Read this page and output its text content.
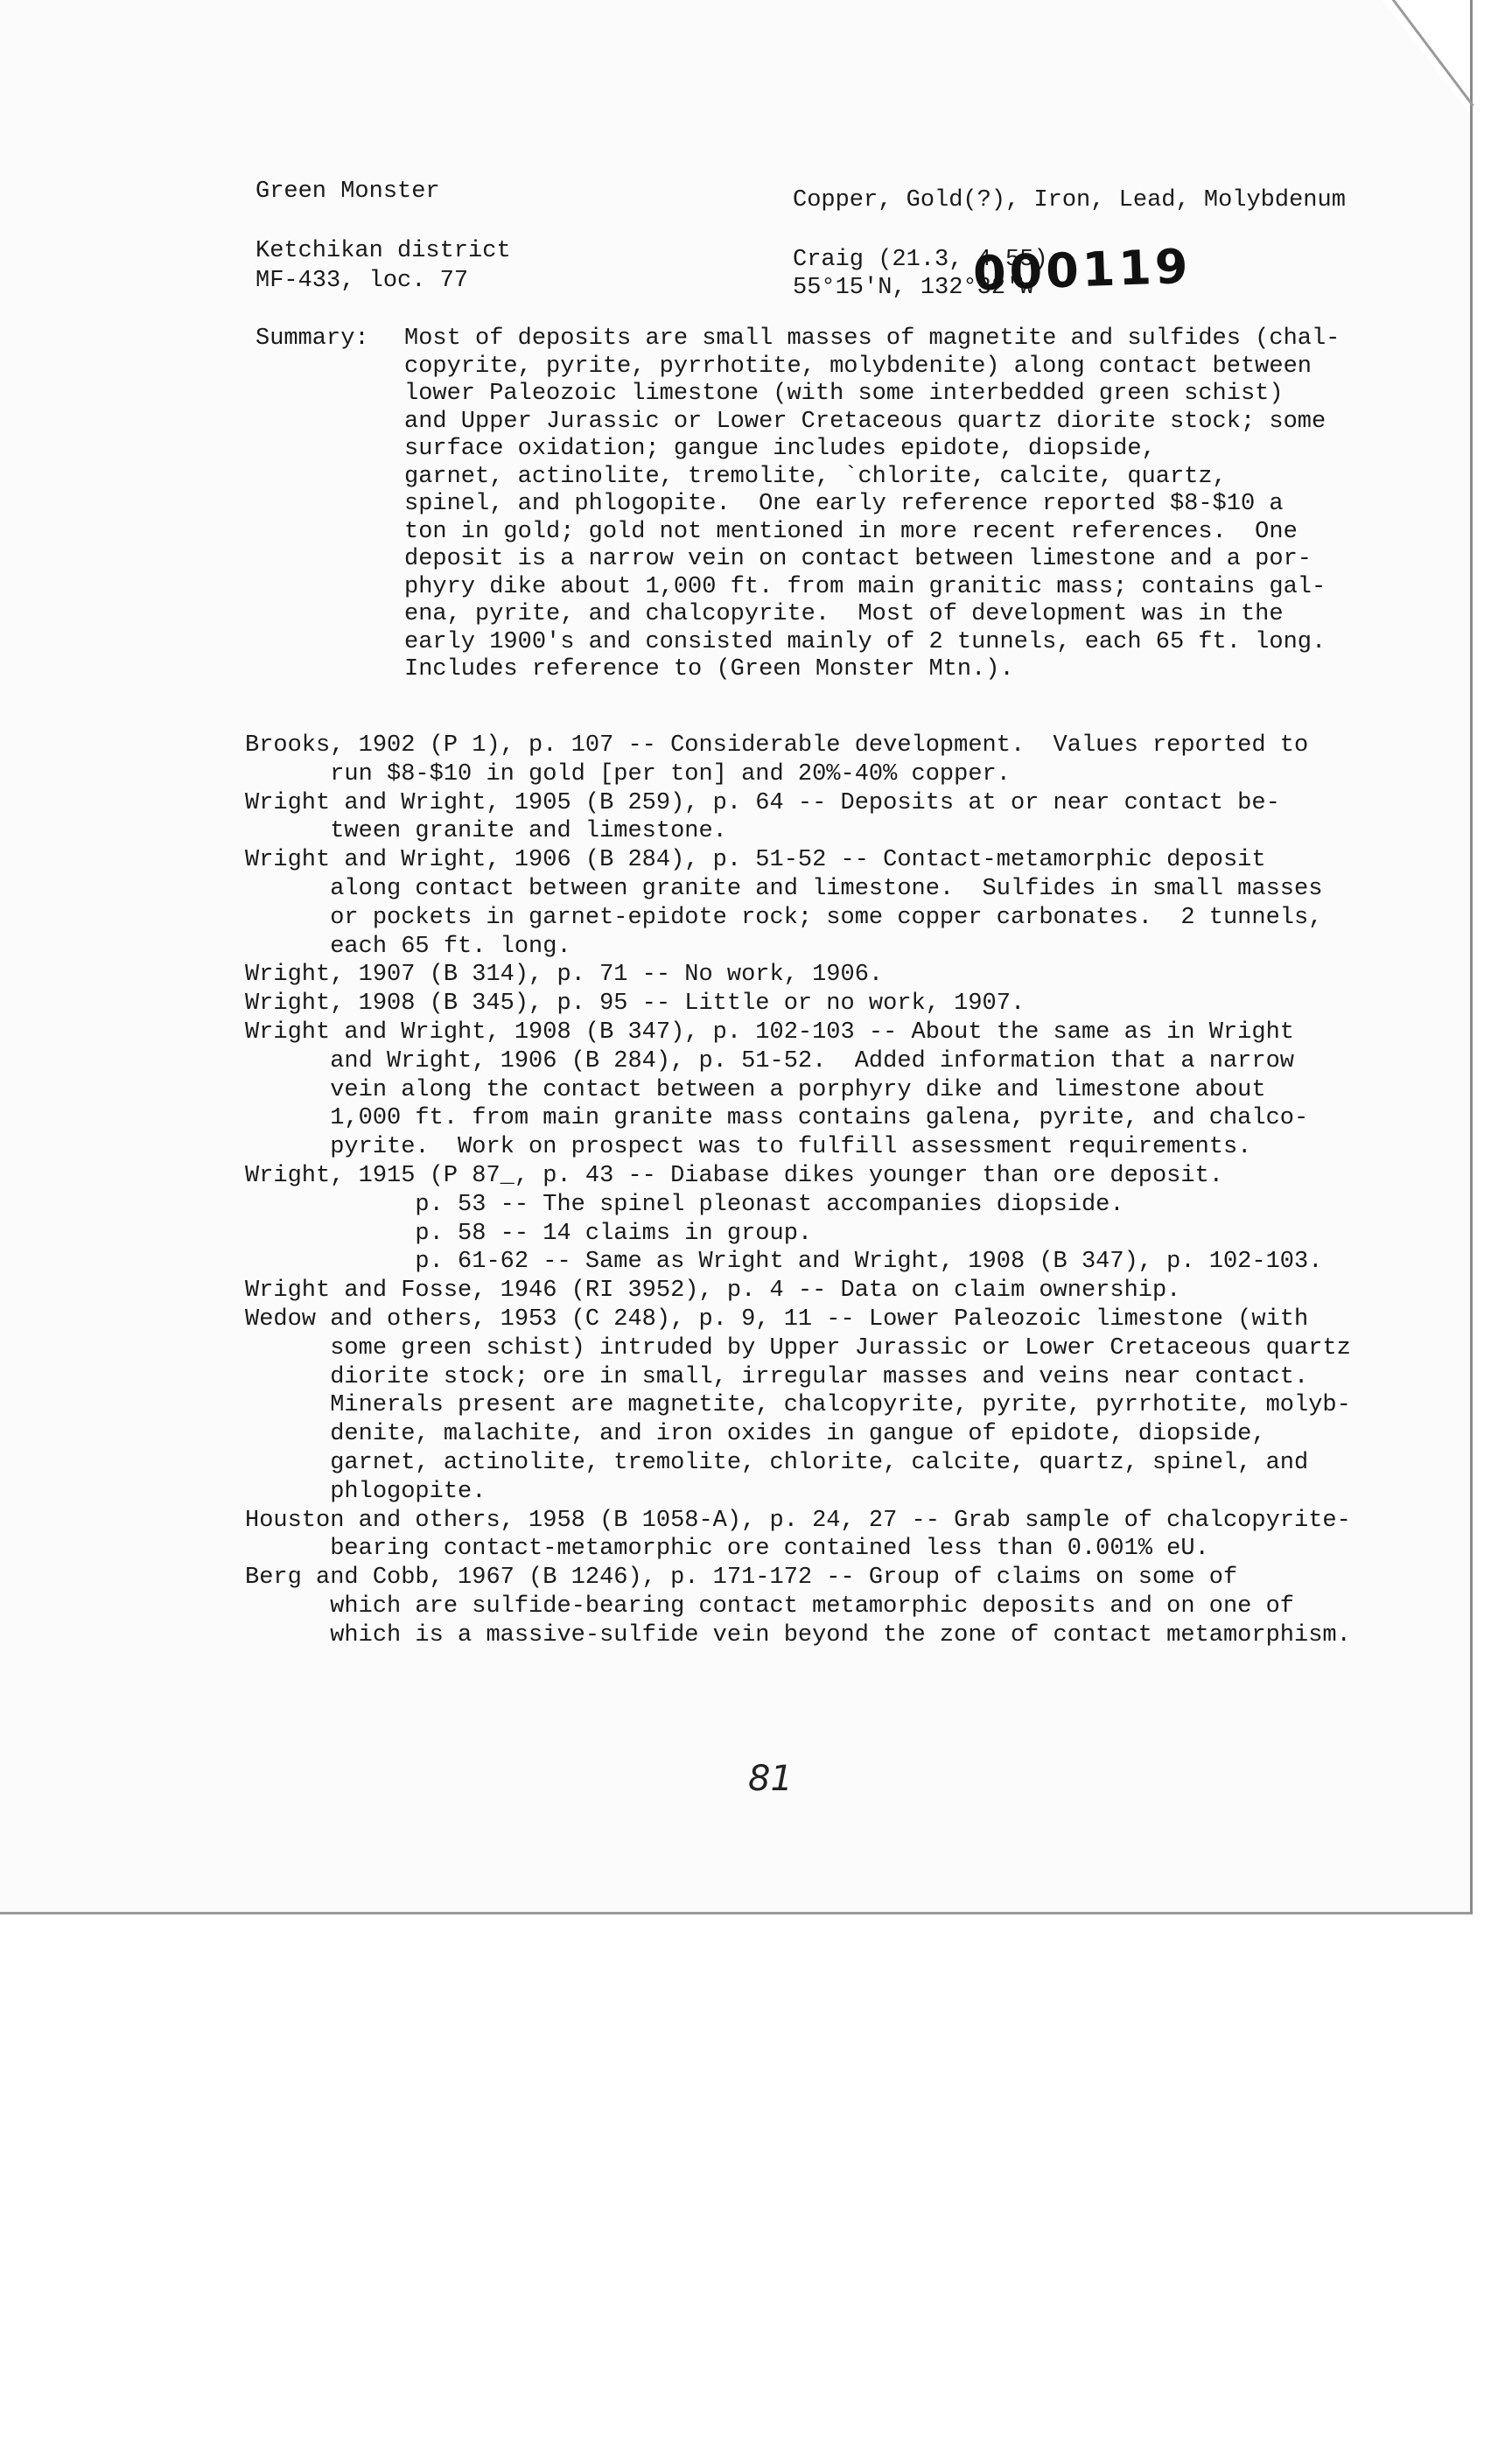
Green Monster	Copper, Gold(?), Iron, Lead, Molybdenum
Ketchikan district
MF-433, loc. 77
Craig (21.3, 4.55)
55°15'N, 132°32'W
000119
Summary: Most of deposits are small masses of magnetite and sulfides (chal-
copyrite, pyrite, pyrrhotite, molybdenite) along contact between
lower Paleozoic limestone (with some interbedded green schist)
and Upper Jurassic or Lower Cretaceous quartz diorite stock; some
surface oxidation; gangue includes epidote, diopside,
garnet, actinolite, tremolite, `chlorite, calcite, quartz,
spinel, and phlogopite.  One early reference reported $8-$10 a
ton in gold; gold not mentioned in more recent references.  One
deposit is a narrow vein on contact between limestone and a por-
phyry dike about 1,000 ft. from main granitic mass; contains gal-
ena, pyrite, and chalcopyrite.  Most of development was in the
early 1900's and consisted mainly of 2 tunnels, each 65 ft. long.
Includes reference to (Green Monster Mtn.).
Brooks, 1902 (P 1), p. 107 -- Considerable development.  Values reported to
run $8-$10 in gold [per ton] and 20%-40% copper.
Wright and Wright, 1905 (B 259), p. 64 -- Deposits at or near contact be-
tween granite and limestone.
Wright and Wright, 1906 (B 284), p. 51-52 -- Contact-metamorphic deposit
along contact between granite and limestone.  Sulfides in small masses
or pockets in garnet-epidote rock; some copper carbonates.  2 tunnels,
each 65 ft. long.
Wright, 1907 (B 314), p. 71 -- No work, 1906.
Wright, 1908 (B 345), p. 95 -- Little or no work, 1907.
Wright and Wright, 1908 (B 347), p. 102-103 -- About the same as in Wright
and Wright, 1906 (B 284), p. 51-52.  Added information that a narrow
vein along the contact between a porphyry dike and limestone about
1,000 ft. from main granite mass contains galena, pyrite, and chalco-
pyrite.  Work on prospect was to fulfill assessment requirements.
Wright, 1915 (P 87_, p. 43 -- Diabase dikes younger than ore deposit.
p. 53 -- The spinel pleonast accompanies diopside.
p. 58 -- 14 claims in group.
p. 61-62 -- Same as Wright and Wright, 1908 (B 347), p. 102-103.
Wright and Fosse, 1946 (RI 3952), p. 4 -- Data on claim ownership.
Wedow and others, 1953 (C 248), p. 9, 11 -- Lower Paleozoic limestone (with
some green schist) intruded by Upper Jurassic or Lower Cretaceous quartz
diorite stock; ore in small, irregular masses and veins near contact.
Minerals present are magnetite, chalcopyrite, pyrite, pyrrhotite, molyb-
denite, malachite, and iron oxides in gangue of epidote, diopside,
garnet, actinolite, tremolite, chlorite, calcite, quartz, spinel, and
phlogopite.
Houston and others, 1958 (B 1058-A), p. 24, 27 -- Grab sample of chalcopyrite-
bearing contact-metamorphic ore contained less than 0.001% eU.
Berg and Cobb, 1967 (B 1246), p. 171-172 -- Group of claims on some of
which are sulfide-bearing contact metamorphic deposits and on one of
which is a massive-sulfide vein beyond the zone of contact metamorphism.
81
